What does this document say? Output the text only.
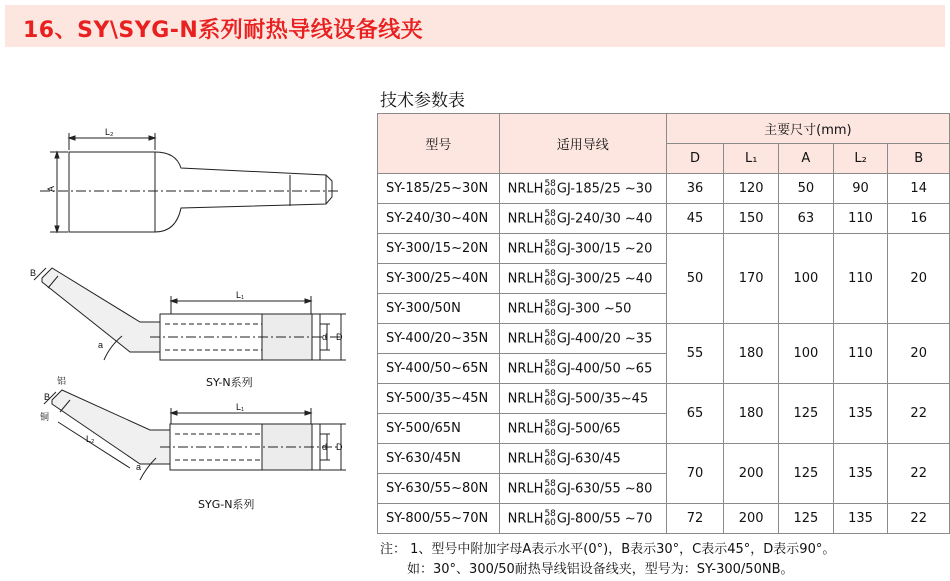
16、SY\SYG-N系列耐热导线设备线夹
L₂
A
B
L₁
d D
a
SY-N系列
铝
B
铜
L₂
L₁
d D
a
SYG-N系列
技术参数表
型号	适用导线	主要尺寸(mm)				
		D	L₁	A	L₂	B
SY-185/25~30N	NRLH 58
60 GJ-185/25 ~30	36	120	50	90	14
SY-240/30~40N	NRLH 58
60 GJ-240/30 ~40	45	150	63	110	16
SY-300/15~20N	NRLH 58
60 GJ-300/15 ~20	50	170	100	110	20
SY-300/25~40N	NRLH 58
60 GJ-300/25 ~40					
SY-300/50N	NRLH 58
60 GJ-300 ~50					
SY-400/20~35N	NRLH 58
60 GJ-400/20 ~35	55	180	100	110	20
SY-400/50~65N	NRLH 58
60 GJ-400/50 ~65					
SY-500/35~45N	NRLH 58
60 GJ-500/35~45	65	180	125	135	22
SY-500/65N	NRLH 58
60 GJ-500/65					
SY-630/45N	NRLH 58
60 GJ-630/45	70	200	125	135	22
SY-630/55~80N	NRLH 58
60 GJ-630/55 ~80					
SY-800/55~70N	NRLH 58
60 GJ-800/55 ~70	72	200	125	135	22
注： 1、型号中附加字母A表示水平(0°)，B表示30°，C表示45°，D表示90°。
如：30°、300/50耐热导线铝设备线夹，型号为：SY-300/50NB。
